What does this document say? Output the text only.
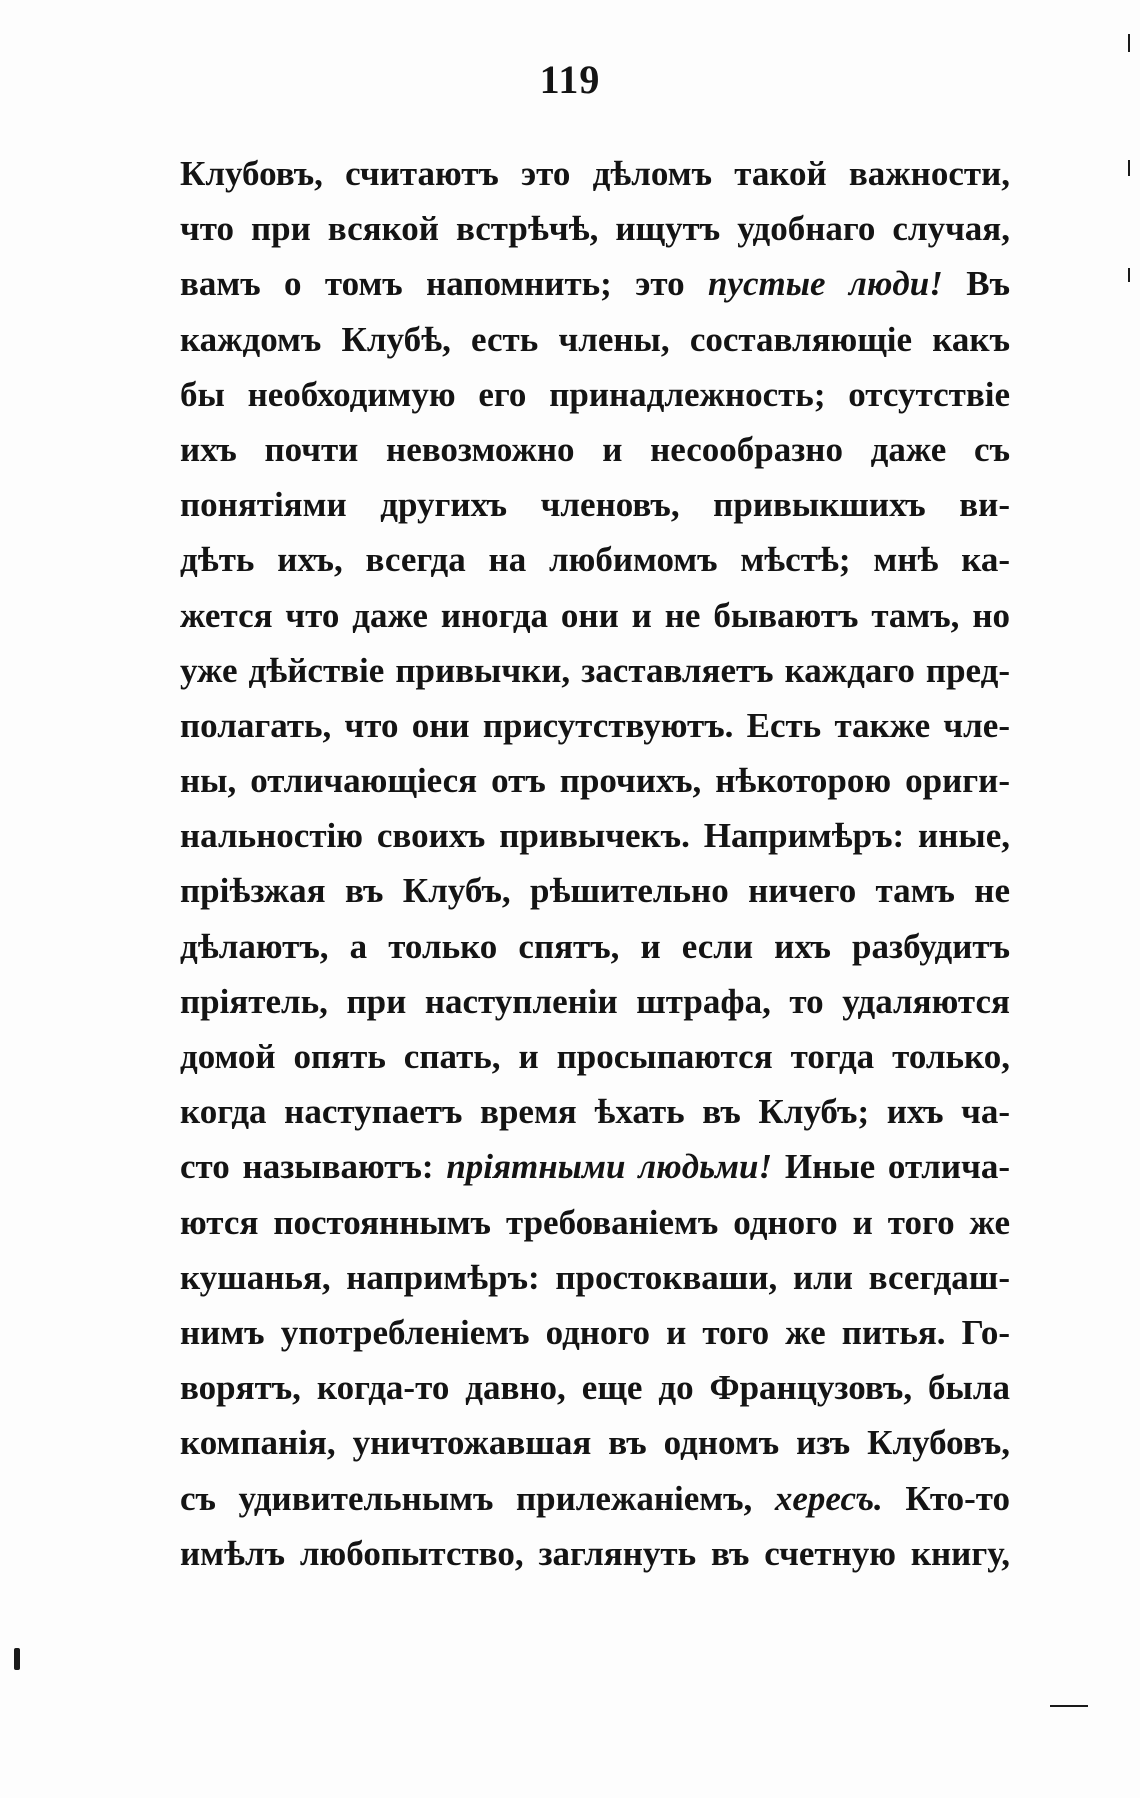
119
Клубовъ, считаютъ это дѣломъ такой важности,
что при всякой встрѣчѣ, ищутъ удобнаго случая,
вамъ о томъ напомнить; это пустые люди! Въ
каждомъ Клубѣ, есть члены, составляющіе какъ
бы необходимую его принадлежность; отсутствіе
ихъ почти невозможно и несообразно даже съ
понятіями другихъ членовъ, привыкшихъ ви-
дѣть ихъ, всегда на любимомъ мѣстѣ; мнѣ ка-
жется что даже иногда они и не бываютъ тамъ, но
уже дѣйствіе привычки, заставляетъ каждаго пред-
полагать, что они присутствуютъ. Есть также чле-
ны, отличающіеся отъ прочихъ, нѣкоторою ориги-
нальностію своихъ привычекъ. Напримѣръ: иные,
пріѣзжая въ Клубъ, рѣшительно ничего тамъ не
дѣлаютъ, а только спятъ, и если ихъ разбудитъ
пріятель, при наступленіи штрафа, то удаляются
домой опять спать, и просыпаются тогда только,
когда наступаетъ время ѣхать въ Клубъ; ихъ ча-
сто называютъ: пріятными людьми! Иные отлича-
ются постояннымъ требованіемъ одного и того же
кушанья, напримѣръ: простокваши, или всегдаш-
нимъ употребленіемъ одного и того же питья. Го-
ворятъ, когда-то давно, еще до Французовъ, была
компанія, уничтожавшая въ одномъ изъ Клубовъ,
съ удивительнымъ прилежаніемъ, хересъ. Кто-то
имѣлъ любопытство, заглянуть въ счетную книгу,
